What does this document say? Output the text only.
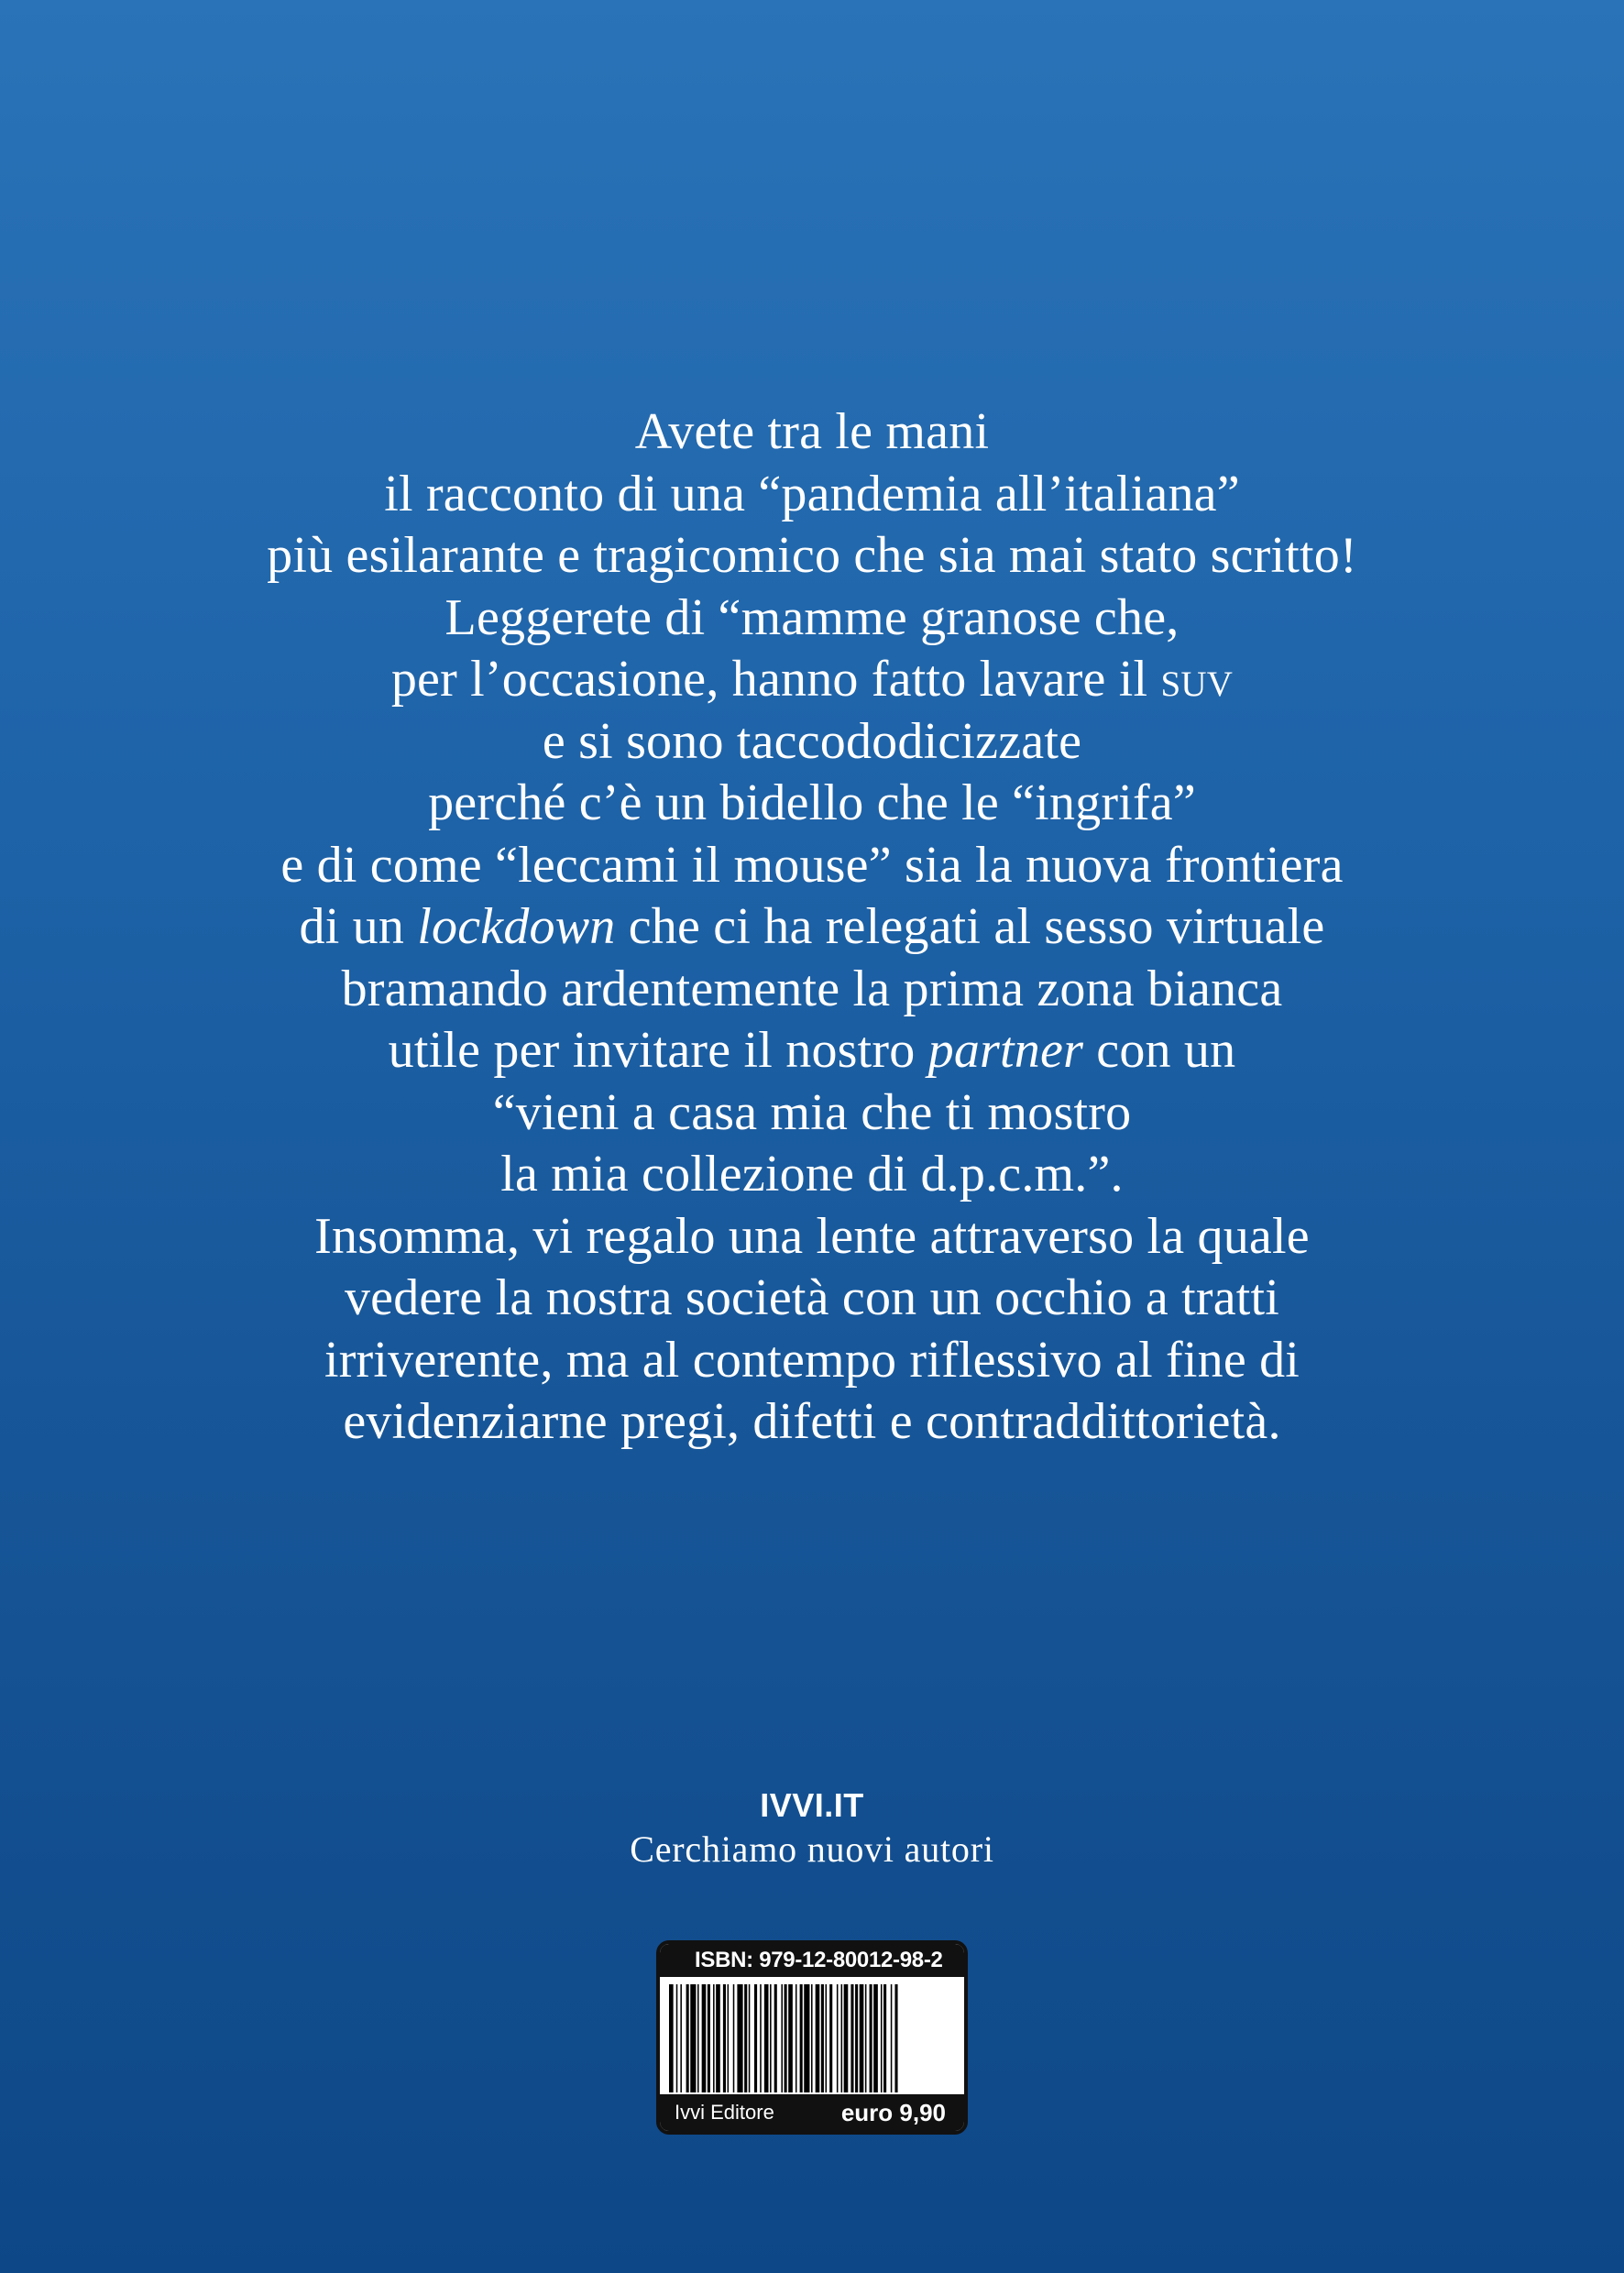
Avete tra le mani
il racconto di una “pandemia all’italiana”
più esilarante e tragicomico che sia mai stato scritto!
Leggerete di “mamme granose che,
per l’occasione, hanno fatto lavare il suv
e si sono taccododicizzate
perché c’è un bidello che le “ingrifa”
e di come “leccami il mouse” sia la nuova frontiera
di un lockdown che ci ha relegati al sesso virtuale
bramando ardentemente la prima zona bianca
utile per invitare il nostro partner con un
“vieni a casa mia che ti mostro
la mia collezione di d.p.c.m.”.
Insomma, vi regalo una lente attraverso la quale
vedere la nostra società con un occhio a tratti
irriverente, ma al contempo riflessivo al fine di
evidenziarne pregi, difetti e contraddittorietà.
IVVI.IT
Cerchiamo nuovi autori
ISBN: 979-12-80012-98-2
Ivvi Editore	euro 9,90
